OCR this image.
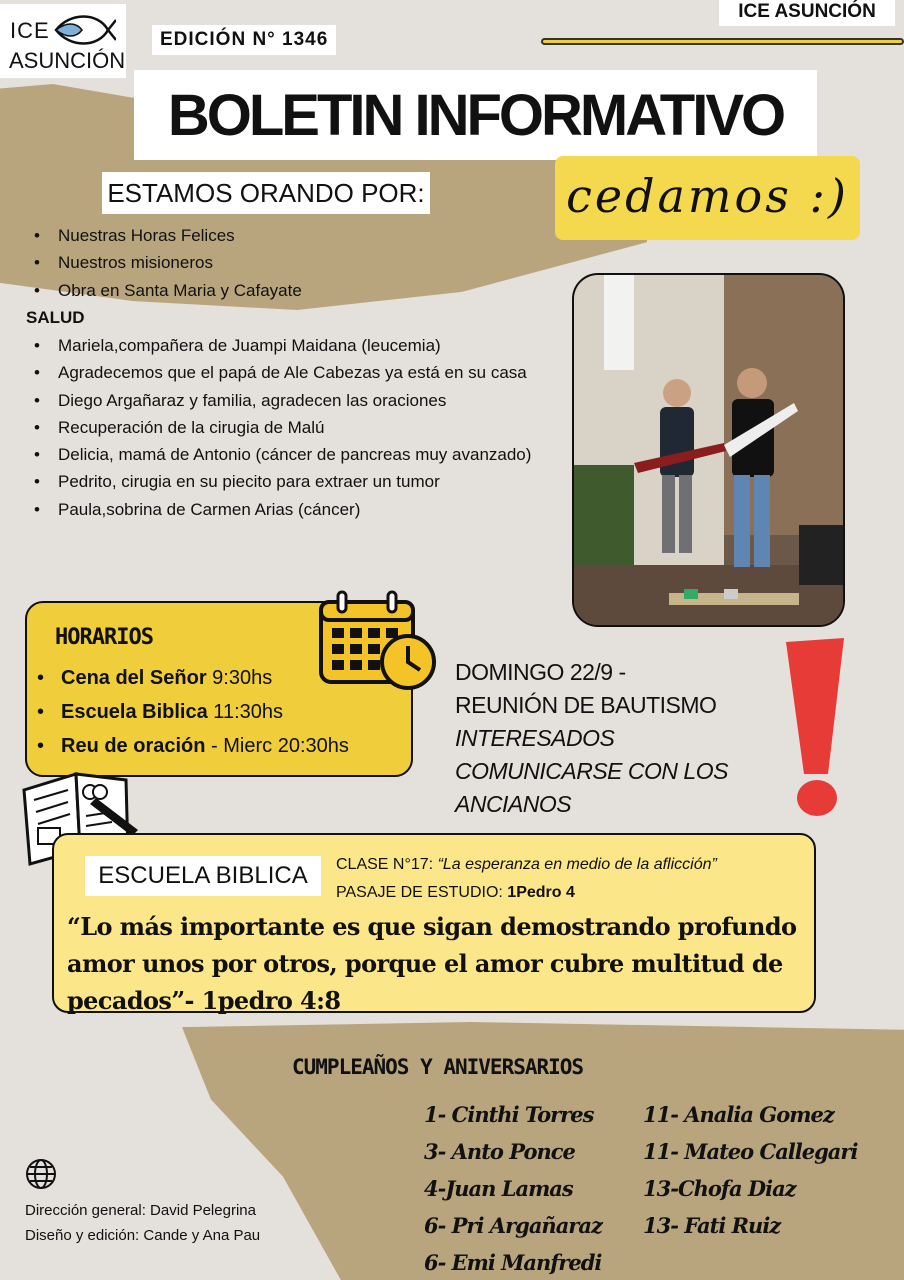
ICE
ASUNCIÓN
EDICIÓN N° 1346
ICE ASUNCIÓN
BOLETIN INFORMATIVO
cedamos :)
ESTAMOS ORANDO POR:
• Nuestras Horas Felices
• Nuestros misioneros
• Obra en Santa Maria y Cafayate
SALUD
• Mariela,compañera de Juampi Maidana (leucemia)
• Agradecemos que el papá de Ale Cabezas ya está en su casa
• Diego Argañaraz y familia, agradecen las oraciones
• Recuperación de la cirugia de Malú
• Delicia, mamá de Antonio (cáncer de pancreas muy avanzado)
• Pedrito, cirugia en su piecito para extraer un tumor
• Paula,sobrina de Carmen Arias (cáncer)
HORARIOS
• Cena del Señor 9:30hs
• Escuela Biblica 11:30hs
• Reu de oración - Mierc 20:30hs
DOMINGO 22/9 -
REUNIÓN DE BAUTISMO
INTERESADOS
COMUNICARSE CON LOS
ANCIANOS
ESCUELA BIBLICA	CLASE N°17: “La esperanza en medio de la aflicción”
PASAJE DE ESTUDIO: 1Pedro 4
“Lo más importante es que sigan demostrando profundo amor unos por otros, porque el amor cubre multitud de pecados”- 1pedro 4:8
CUMPLEAÑOS Y ANIVERSARIOS
1- Cinthi Torres
3- Anto Ponce
4-Juan Lamas
6- Pri Argañaraz
6- Emi Manfredi
11- Analia Gomez
11- Mateo Callegari
13-Chofa Diaz
13- Fati Ruiz
Dirección general: David Pelegrina
Diseño y edición: Cande y Ana Pau
